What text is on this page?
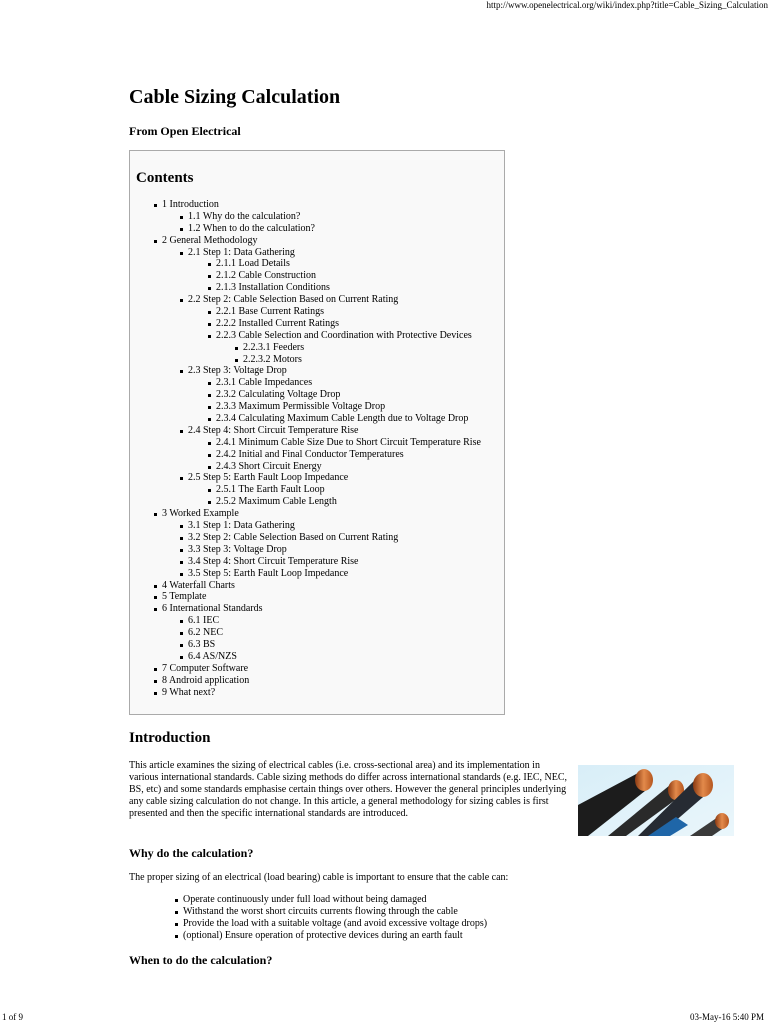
http://www.openelectrical.org/wiki/index.php?title=Cable_Sizing_Calculation
Cable Sizing Calculation

From Open Electrical

Contents

1 Introduction
1.1 Why do the calculation?
1.2 When to do the calculation?
2 General Methodology
2.1 Step 1: Data Gathering
2.1.1 Load Details
2.1.2 Cable Construction
2.1.3 Installation Conditions
2.2 Step 2: Cable Selection Based on Current Rating
2.2.1 Base Current Ratings
2.2.2 Installed Current Ratings
2.2.3 Cable Selection and Coordination with Protective Devices
2.2.3.1 Feeders
2.2.3.2 Motors
2.3 Step 3: Voltage Drop
2.3.1 Cable Impedances
2.3.2 Calculating Voltage Drop
2.3.3 Maximum Permissible Voltage Drop
2.3.4 Calculating Maximum Cable Length due to Voltage Drop
2.4 Step 4: Short Circuit Temperature Rise
2.4.1 Minimum Cable Size Due to Short Circuit Temperature Rise
2.4.2 Initial and Final Conductor Temperatures
2.4.3 Short Circuit Energy
2.5 Step 5: Earth Fault Loop Impedance
2.5.1 The Earth Fault Loop
2.5.2 Maximum Cable Length
3 Worked Example
3.1 Step 1: Data Gathering
3.2 Step 2: Cable Selection Based on Current Rating
3.3 Step 3: Voltage Drop
3.4 Step 4: Short Circuit Temperature Rise
3.5 Step 5: Earth Fault Loop Impedance
4 Waterfall Charts
5 Template
6 International Standards
6.1 IEC
6.2 NEC
6.3 BS
6.4 AS/NZS
7 Computer Software
8 Android application
9 What next?
Introduction

This article examines the sizing of electrical cables (i.e. cross-sectional area) and its implementation in various international standards. Cable sizing methods do differ across international standards (e.g. IEC, NEC, BS, etc) and some standards emphasise certain things over others. However the general principles underlying any cable sizing calculation do not change. In this article, a general methodology for sizing cables is first presented and then the specific international standards are introduced.

Why do the calculation?

The proper sizing of an electrical (load bearing) cable is important to ensure that the cable can:

Operate continuously under full load without being damaged
Withstand the worst short circuits currents flowing through the cable
Provide the load with a suitable voltage (and avoid excessive voltage drops)
(optional) Ensure operation of protective devices during an earth fault
When to do the calculation?
1 of 9	03-May-16 5:40 PM
